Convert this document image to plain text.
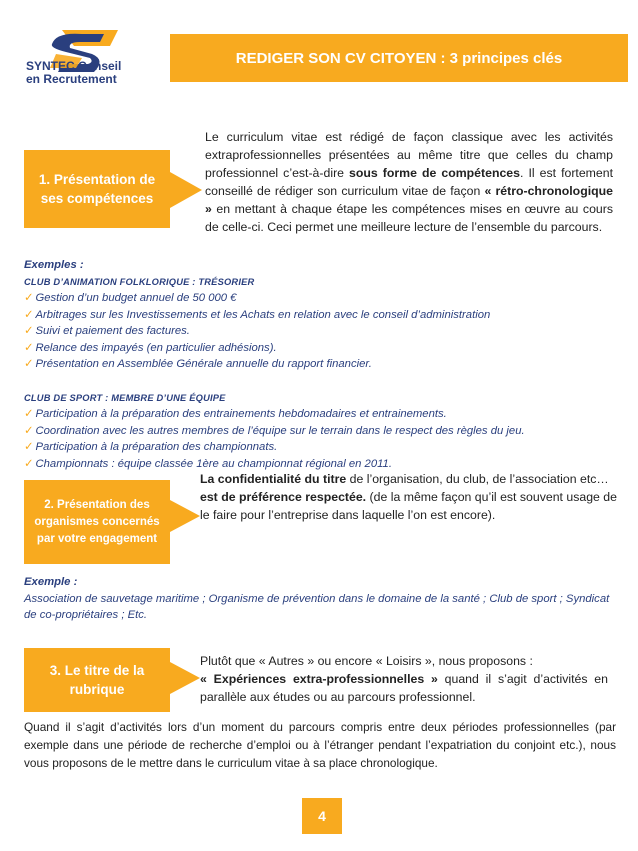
SYNTEC Conseil
en Recrutement
REDIGER SON CV CITOYEN : 3 principes clés
1. Présentation de
ses compétences
Le curriculum vitae est rédigé de façon classique avec les activités extraprofessionnelles présentées au même titre que celles du champ professionnel c’est-à-dire sous forme de compétences. Il est fortement conseillé de rédiger son curriculum vitae de façon « rétro-chronologique » en mettant à chaque étape les compétences mises en œuvre au cours de celle-ci. Ceci permet une meilleure lecture de l’ensemble du parcours.
Exemples :
CLUB D’ANIMATION FOLKLORIQUE : TRÉSORIER
✓ Gestion d’un budget annuel de 50 000 €
✓ Arbitrages sur les Investissements et les Achats en relation avec le conseil d’administration
✓ Suivi et paiement des factures.
✓ Relance des impayés (en particulier adhésions).
✓ Présentation en Assemblée Générale annuelle du rapport financier.
CLUB DE SPORT : MEMBRE D’UNE ÉQUIPE
✓ Participation à la préparation des entrainements hebdomadaires et entrainements.
✓ Coordination avec les autres membres de l’équipe sur le terrain dans le respect des règles du jeu.
✓ Participation à la préparation des championnats.
✓ Championnats : équipe classée 1ère au championnat régional en 2011.
2. Présentation des
organismes concernés
par votre engagement
La confidentialité du titre de l’organisation, du club, de l’association etc… est de préférence respectée. (de la même façon qu’il est souvent usage de le faire pour l’entreprise dans laquelle l’on est encore).
Exemple :
Association de sauvetage maritime ; Organisme de prévention dans le domaine de la santé ; Club de sport ; Syndicat de co-propriétaires ; Etc.
3. Le titre de la
rubrique
Plutôt que « Autres » ou encore « Loisirs », nous proposons :
« Expériences extra-professionnelles » quand il s’agit d’activités en parallèle aux études ou au parcours professionnel.
Quand il s’agit d’activités lors d’un moment du parcours compris entre deux périodes professionnelles (par exemple dans une période de recherche d’emploi ou à l’étranger pendant l’expatriation du conjoint etc.), nous vous proposons de le mettre dans le curriculum vitae à sa place chronologique.
4
